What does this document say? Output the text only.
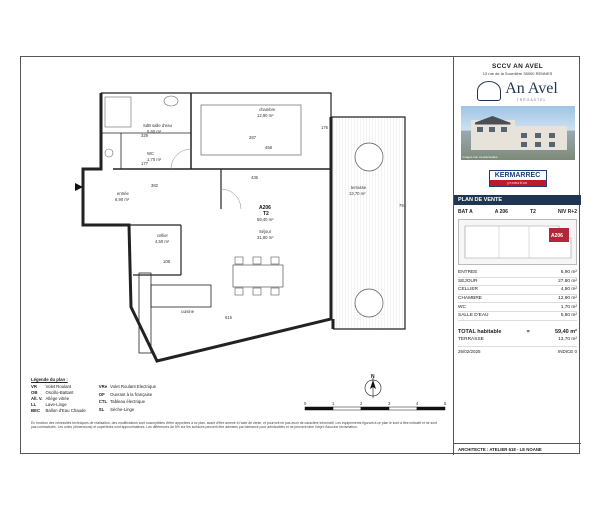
SdB salle d'eau
5,60 m²
WC
1,70 m²
chambre
12,90 m²
entrée
6,90 m²
cellier
4,50 m²
A206
T2
59,40 m²
Séjour
31,80 m²
terrasse
13,70 m²
cuisine
329	287
458
176
177
382
436
615
108
791
Légende du plan :
VR	Volet Roulant
OB	Oscillo-Battant
All. V.	Allège vitrée
LL	Lave-Linge
BEC	Ballon d'Eau Chaude
VRe	Volet Roulant Electrique
OF	Ouvrant à la française
CTL	Tableau électrique
SL	Sèche-Linge
N
0	1	2	3	4	5
En fonction des nécessités techniques de réalisation, des modifications sont susceptibles d'être apportées à ce plan, avant d'être amené à l'acte de vente, et pourront ne pas avoir de caractère informatif. Les équipements figurant à ce plan le sont à titre indicatif et ne sont pas contractuels. Les cotes (dimensions) et superficies sont approximatives. Les différences de 5% sur les surfaces peuvent être admises par tolérance pour admissibles et ne peuvent faire l'objet d'aucune réclamation.
SCCV AN AVEL
13 rue de la Sourdière 35000 RENNES
An Avel
TRÉGASTEL
Images non contractuelles
KERMARREC
promotion
PLAN DE VENTE
BAT A	A 206	T2	NIV R+2
A206
ENTREE	6,90 m²
SEJOUR	27,80 m²
CELLIER	4,50 m²
CHAMBRE	12,90 m²
WC	1,70 m²
SALLE D'EAU	5,60 m²
TOTAL habitable	=	59,40 m²
TERRASSE	13,70 m²
26/02/2025	INDICE 0
ARCHITECTE : ATELIER 618 - LE NOANE
